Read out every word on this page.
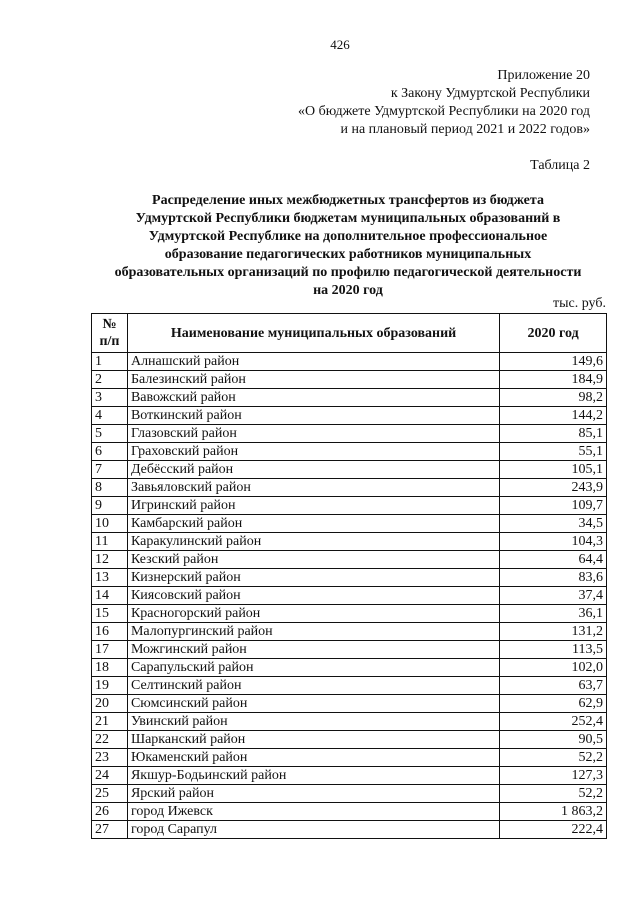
426
Приложение 20
к Закону Удмуртской Республики
«О бюджете Удмуртской Республики на 2020 год
и на плановый период 2021 и 2022 годов»
Таблица 2
Распределение иных межбюджетных трансфертов из бюджета
Удмуртской Республики бюджетам муниципальных образований в
Удмуртской Республике на дополнительное профессиональное
образование педагогических работников муниципальных
образовательных организаций по профилю педагогической деятельности
на 2020 год
тыс. руб.
№
п/п	Наименование муниципальных образований	2020 год
1	Алнашский район	149,6
2	Балезинский район	184,9
3	Вавожский район	98,2
4	Воткинский район	144,2
5	Глазовский район	85,1
6	Граховский район	55,1
7	Дебёсский район	105,1
8	Завьяловский район	243,9
9	Игринский район	109,7
10	Камбарский район	34,5
11	Каракулинский район	104,3
12	Кезский район	64,4
13	Кизнерский район	83,6
14	Киясовский район	37,4
15	Красногорский район	36,1
16	Малопургинский район	131,2
17	Можгинский район	113,5
18	Сарапульский район	102,0
19	Селтинский район	63,7
20	Сюмсинский район	62,9
21	Увинский район	252,4
22	Шарканский район	90,5
23	Юкаменский район	52,2
24	Якшур-Бодьинский район	127,3
25	Ярский район	52,2
26	город Ижевск	1 863,2
27	город Сарапул	222,4
